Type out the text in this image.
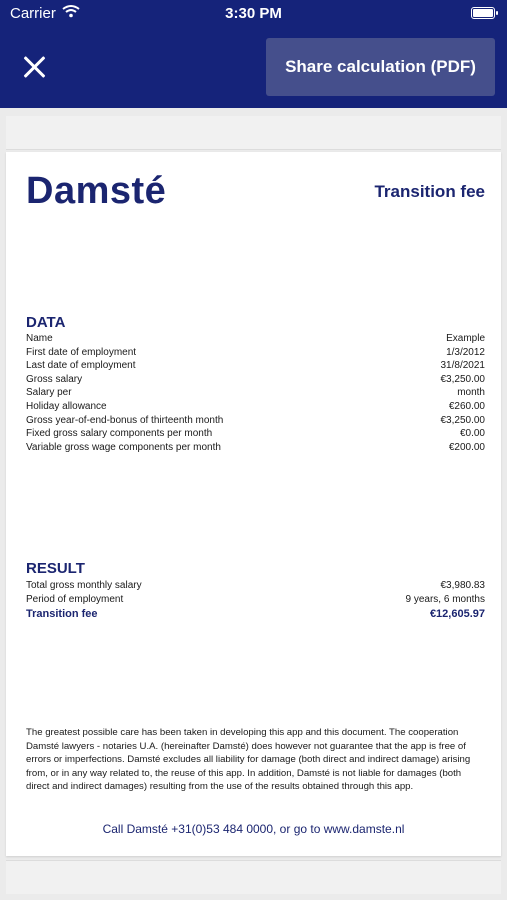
Carrier	3:30 PM
Share calculation (PDF)
Damsté	Transition fee
DATA
Name	Example
First date of employment	1/3/2012
Last date of employment	31/8/2021
Gross salary	€3,250.00
Salary per	month
Holiday allowance	€260.00
Gross year-of-end-bonus of thirteenth month	€3,250.00
Fixed gross salary components per month	€0.00
Variable gross wage components per month	€200.00
RESULT
Total gross monthly salary	€3,980.83
Period of employment	9 years, 6 months
Transition fee	€12,605.97
The greatest possible care has been taken in developing this app and this document. The cooperation Damsté lawyers - notaries U.A. (hereinafter Damsté) does however not guarantee that the app is free of errors or imperfections. Damsté excludes all liability for damage (both direct and indirect damage) arising from, or in any way related to, the reuse of this app. In addition, Damsté is not liable for damages (both direct and indirect damages) resulting from the use of the results obtained through this app.
Call Damsté +31(0)53 484 0000, or go to www.damste.nl
